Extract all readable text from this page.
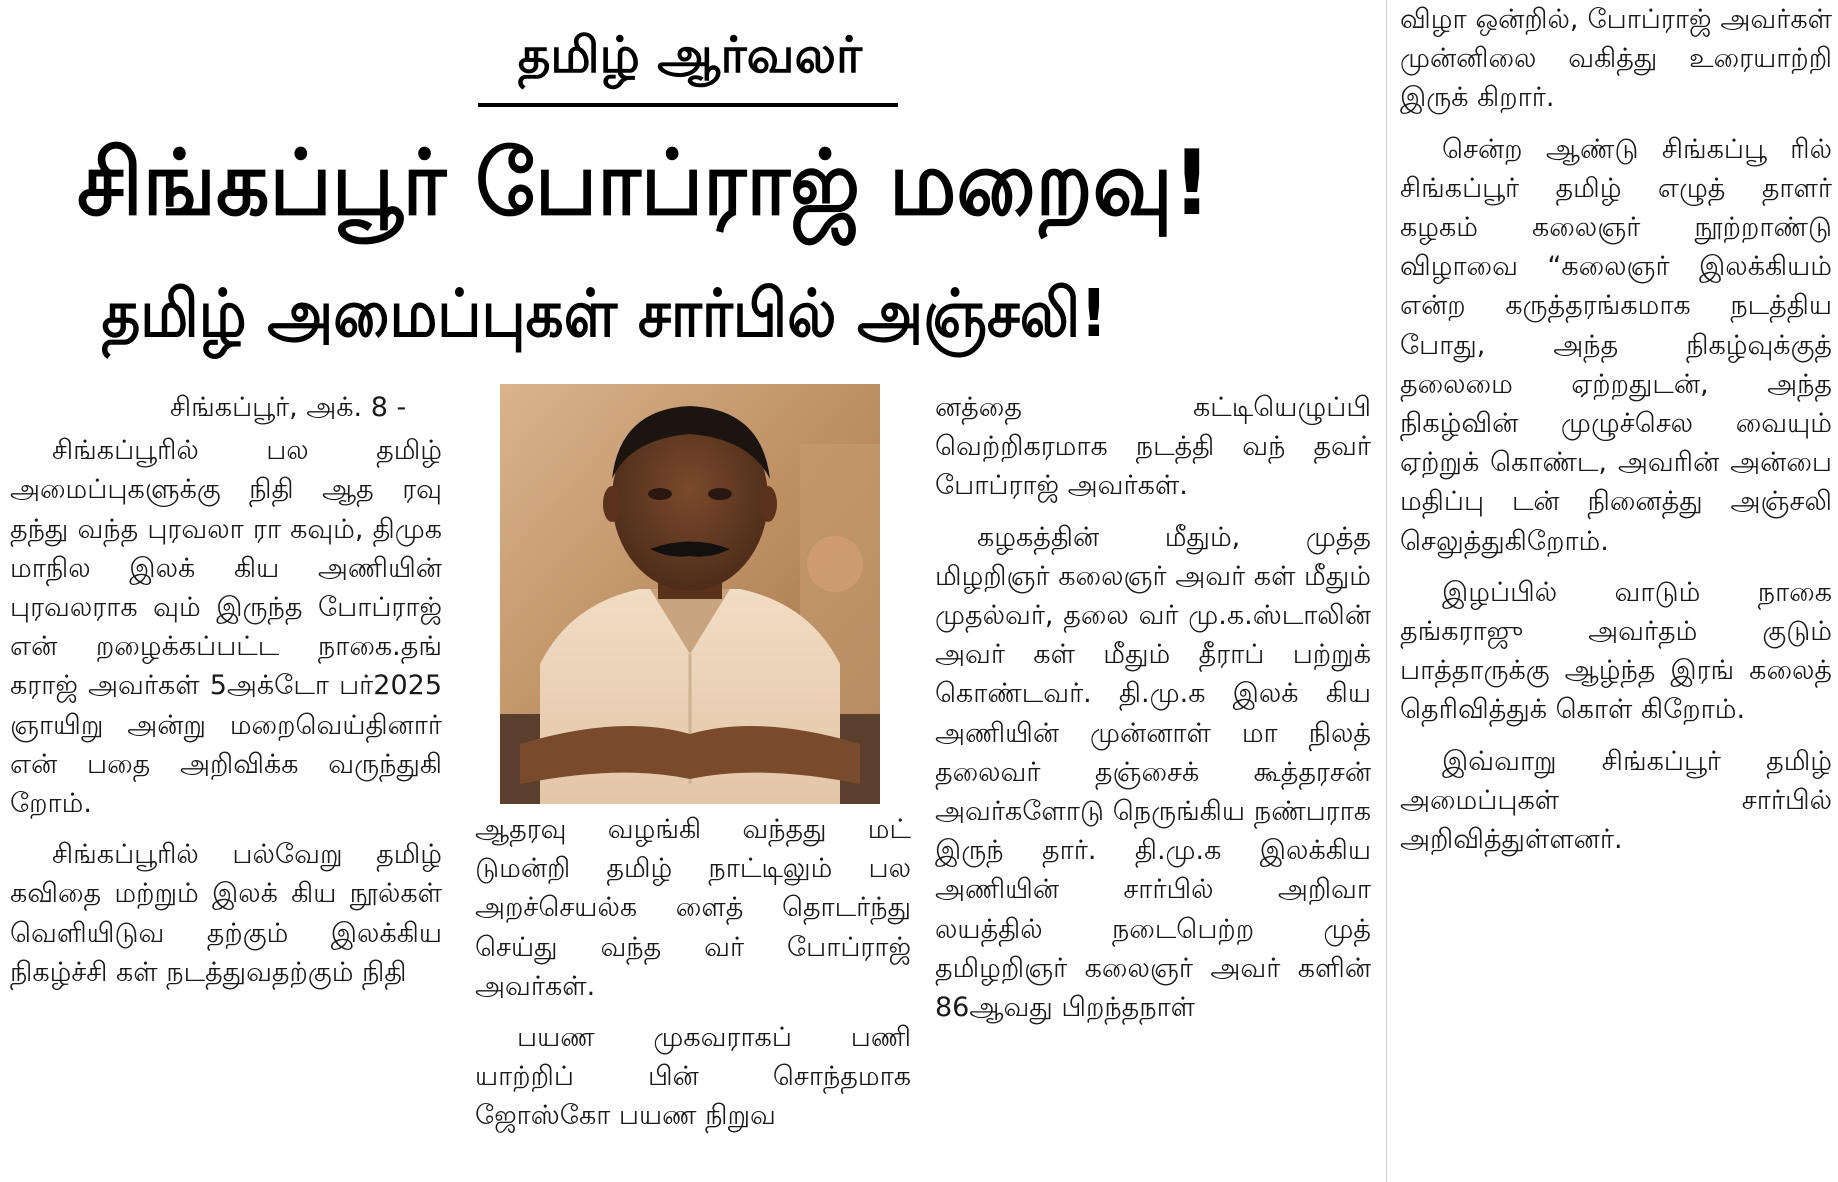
தமிழ் ஆர்வலர்
சிங்கப்பூர் போப்ராஜ் மறைவு!
தமிழ் அமைப்புகள் சார்பில் அஞ்சலி!

சிங்கப்பூர், அக். 8 -

சிங்கப்பூரில் பல தமிழ் அமைப்புகளுக்கு நிதி ஆத ரவு தந்து வந்த புரவலா ரா கவும், திமுக மாநில இலக் கிய அணியின் புரவலராக வும் இருந்த போப்ராஜ் என் றழைக்கப்பட்ட நாகை.தங் கராஜ் அவர்கள் 5அக்டோ பர்2025 ஞாயிறு அன்று மறைவெய்தினார் என் பதை அறிவிக்க வருந்துகி றோம்.

சிங்கப்பூரில் பல்வேறு தமிழ் கவிதை மற்றும் இலக் கிய நூல்கள் வெளியிடுவ தற்கும் இலக்கிய நிகழ்ச்சி கள் நடத்துவதற்கும் நிதி

ஆதரவு வழங்கி வந்தது மட் டுமன்றி தமிழ் நாட்டிலும் பல அறச்செயல்க ளைத் தொடர்ந்து செய்து வந்த வர் போப்ராஜ் அவர்கள்.

பயண முகவராகப் பணி யாற்றிப் பின் சொந்தமாக ஜோஸ்கோ பயண நிறுவ

னத்தை கட்டியெழுப்பி வெற்றிகரமாக நடத்தி வந் தவர் போப்ராஜ் அவர்கள்.

கழகத்தின் மீதும், முத்த மிழறிஞர் கலைஞர் அவர் கள் மீதும் முதல்வர், தலை வர் மு.க.ஸ்டாலின் அவர் கள் மீதும் தீராப் பற்றுக் கொண்டவர். தி.மு.க இலக் கிய அணியின் முன்னாள் மா நிலத் தலைவர் தஞ்சைக் கூத்தரசன் அவர்களோடு நெருங்கிய நண்பராக இருந் தார். தி.மு.க இலக்கிய அணியின் சார்பில் அறிவா லயத்தில் நடைபெற்ற முத் தமிழறிஞர் கலைஞர் அவர் களின் 86ஆவது பிறந்தநாள்

விழா ஒன்றில், போப்ராஜ் அவர்கள் முன்னிலை வகித்து உரையாற்றி இருக் கிறார்.

சென்ற ஆண்டு சிங்கப்பூ ரில் சிங்கப்பூர் தமிழ் எழுத் தாளர் கழகம் கலைஞர் நூற்றாண்டு விழாவை “கலைஞர் இலக்கியம் என்ற கருத்தரங்கமாக நடத்திய போது, அந்த நிகழ்வுக்குத் தலைமை ஏற்றதுடன், அந்த நிகழ்வின் முழுச்செல வையும் ஏற்றுக் கொண்ட, அவரின் அன்பை மதிப்பு டன் நினைத்து அஞ்சலி செலுத்துகிறோம்.

இழப்பில் வாடும் நாகை தங்கராஜு அவர்தம் குடும் பாத்தாருக்கு ஆழ்ந்த இரங் கலைத் தெரிவித்துக் கொள் கிறோம்.

இவ்வாறு சிங்கப்பூர் தமிழ் அமைப்புகள் சார்பில் அறிவித்துள்ளனர்.
